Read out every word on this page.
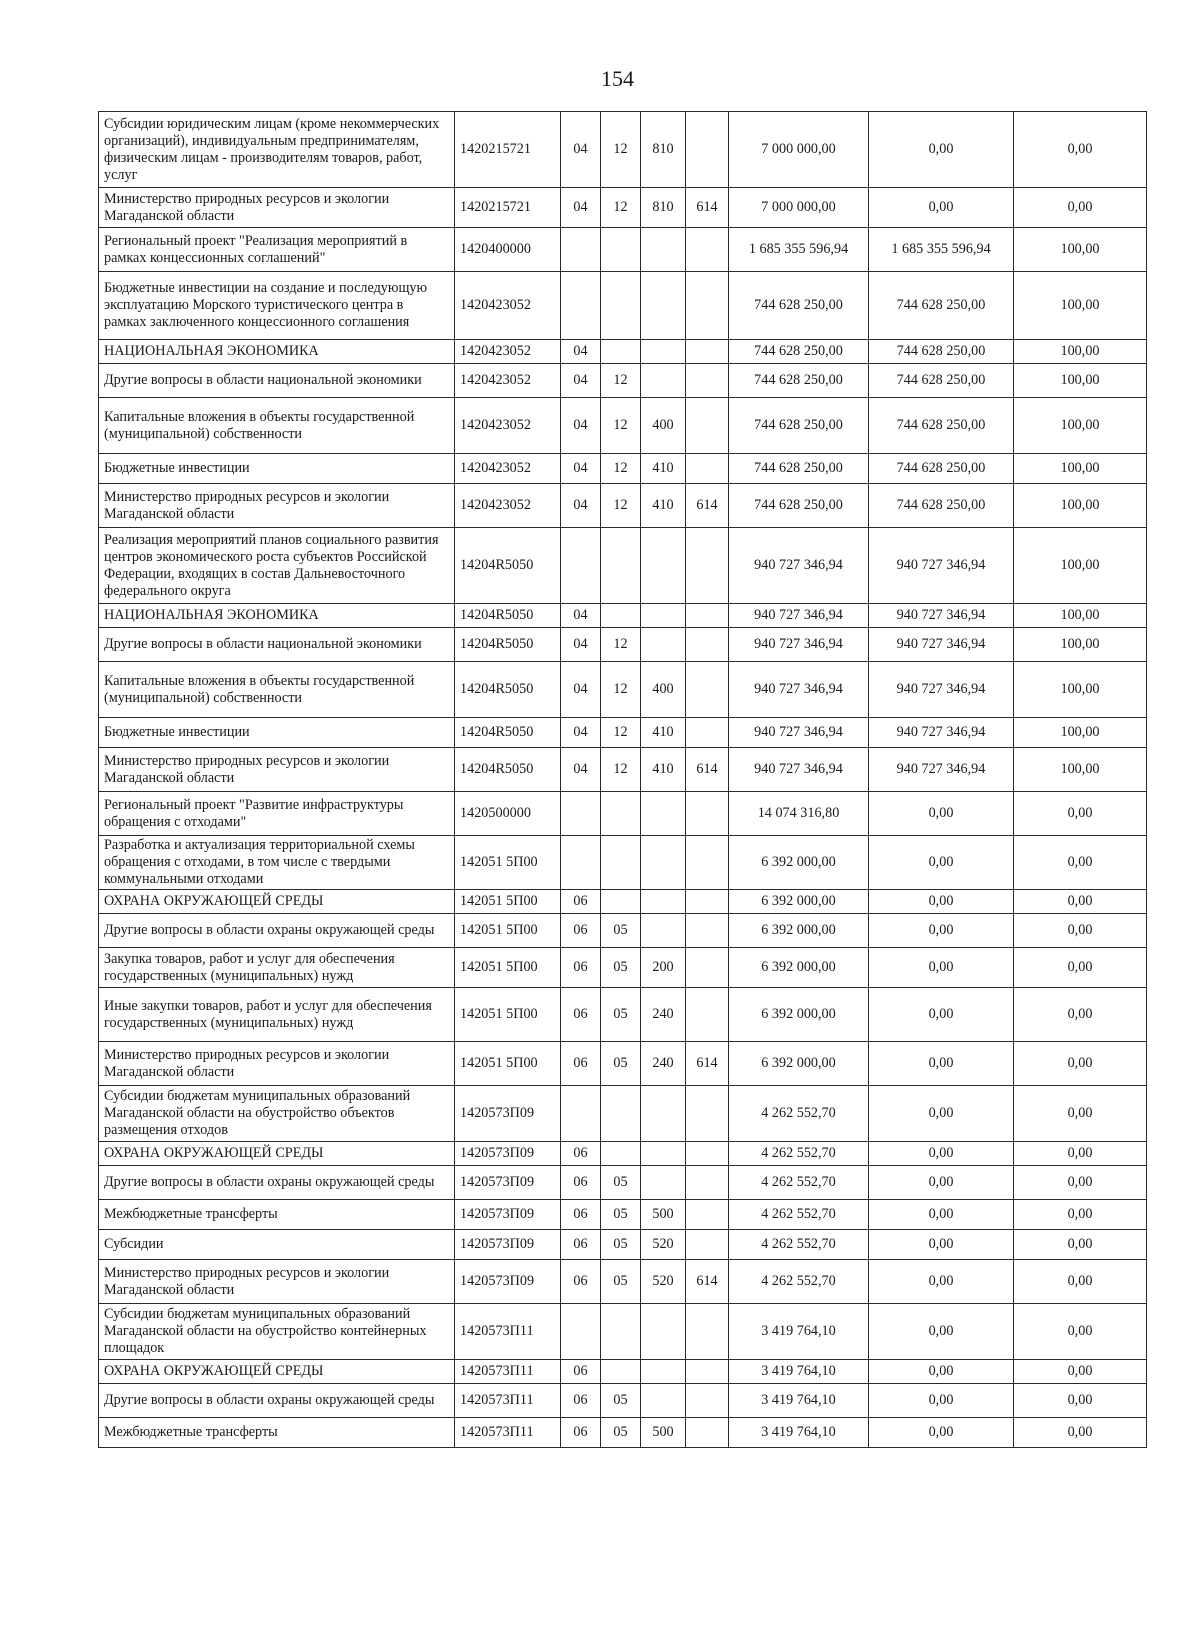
154
Субсидии юридическим лицам (кроме некоммерческих организаций), индивидуальным предпринимателям, физическим лицам - производителям товаров, работ, услуг	1420215721	04	12	810		7 000 000,00	0,00	0,00
Министерство природных ресурсов и экологии Магаданской области	1420215721	04	12	810	614	7 000 000,00	0,00	0,00
Региональный проект "Реализация мероприятий в рамках концессионных соглашений"	1420400000					1 685 355 596,94	1 685 355 596,94	100,00
Бюджетные инвестиции на создание и последующую эксплуатацию Морского туристического центра в рамках заключенного концессионного соглашения	1420423052					744 628 250,00	744 628 250,00	100,00
НАЦИОНАЛЬНАЯ ЭКОНОМИКА	1420423052	04				744 628 250,00	744 628 250,00	100,00
Другие вопросы в области национальной экономики	1420423052	04	12			744 628 250,00	744 628 250,00	100,00
Капитальные вложения в объекты государственной (муниципальной) собственности	1420423052	04	12	400		744 628 250,00	744 628 250,00	100,00
Бюджетные инвестиции	1420423052	04	12	410		744 628 250,00	744 628 250,00	100,00
Министерство природных ресурсов и экологии Магаданской области	1420423052	04	12	410	614	744 628 250,00	744 628 250,00	100,00
Реализация мероприятий планов социального развития центров экономического роста субъектов Российской Федерации, входящих в состав Дальневосточного федерального округа	14204R5050					940 727 346,94	940 727 346,94	100,00
НАЦИОНАЛЬНАЯ ЭКОНОМИКА	14204R5050	04				940 727 346,94	940 727 346,94	100,00
Другие вопросы в области национальной экономики	14204R5050	04	12			940 727 346,94	940 727 346,94	100,00
Капитальные вложения в объекты государственной (муниципальной) собственности	14204R5050	04	12	400		940 727 346,94	940 727 346,94	100,00
Бюджетные инвестиции	14204R5050	04	12	410		940 727 346,94	940 727 346,94	100,00
Министерство природных ресурсов и экологии Магаданской области	14204R5050	04	12	410	614	940 727 346,94	940 727 346,94	100,00
Региональный проект "Развитие инфраструктуры обращения с отходами"	1420500000					14 074 316,80	0,00	0,00
Разработка и актуализация территориальной схемы обращения с отходами, в том числе с твердыми коммунальными отходами	142051 5П00					6 392 000,00	0,00	0,00
ОХРАНА ОКРУЖАЮЩЕЙ СРЕДЫ	142051 5П00	06				6 392 000,00	0,00	0,00
Другие вопросы в области охраны окружающей среды	142051 5П00	06	05			6 392 000,00	0,00	0,00
Закупка товаров, работ и услуг для обеспечения государственных (муниципальных) нужд	142051 5П00	06	05	200		6 392 000,00	0,00	0,00
Иные закупки товаров, работ и услуг для обеспечения государственных (муниципальных) нужд	142051 5П00	06	05	240		6 392 000,00	0,00	0,00
Министерство природных ресурсов и экологии Магаданской области	142051 5П00	06	05	240	614	6 392 000,00	0,00	0,00
Субсидии бюджетам муниципальных образований Магаданской области на обустройство объектов размещения отходов	1420573П09					4 262 552,70	0,00	0,00
ОХРАНА ОКРУЖАЮЩЕЙ СРЕДЫ	1420573П09	06				4 262 552,70	0,00	0,00
Другие вопросы в области охраны окружающей среды	1420573П09	06	05			4 262 552,70	0,00	0,00
Межбюджетные трансферты	1420573П09	06	05	500		4 262 552,70	0,00	0,00
Субсидии	1420573П09	06	05	520		4 262 552,70	0,00	0,00
Министерство природных ресурсов и экологии Магаданской области	1420573П09	06	05	520	614	4 262 552,70	0,00	0,00
Субсидии бюджетам муниципальных образований Магаданской области на обустройство контейнерных площадок	1420573П11					3 419 764,10	0,00	0,00
ОХРАНА ОКРУЖАЮЩЕЙ СРЕДЫ	1420573П11	06				3 419 764,10	0,00	0,00
Другие вопросы в области охраны окружающей среды	1420573П11	06	05			3 419 764,10	0,00	0,00
Межбюджетные трансферты	1420573П11	06	05	500		3 419 764,10	0,00	0,00
